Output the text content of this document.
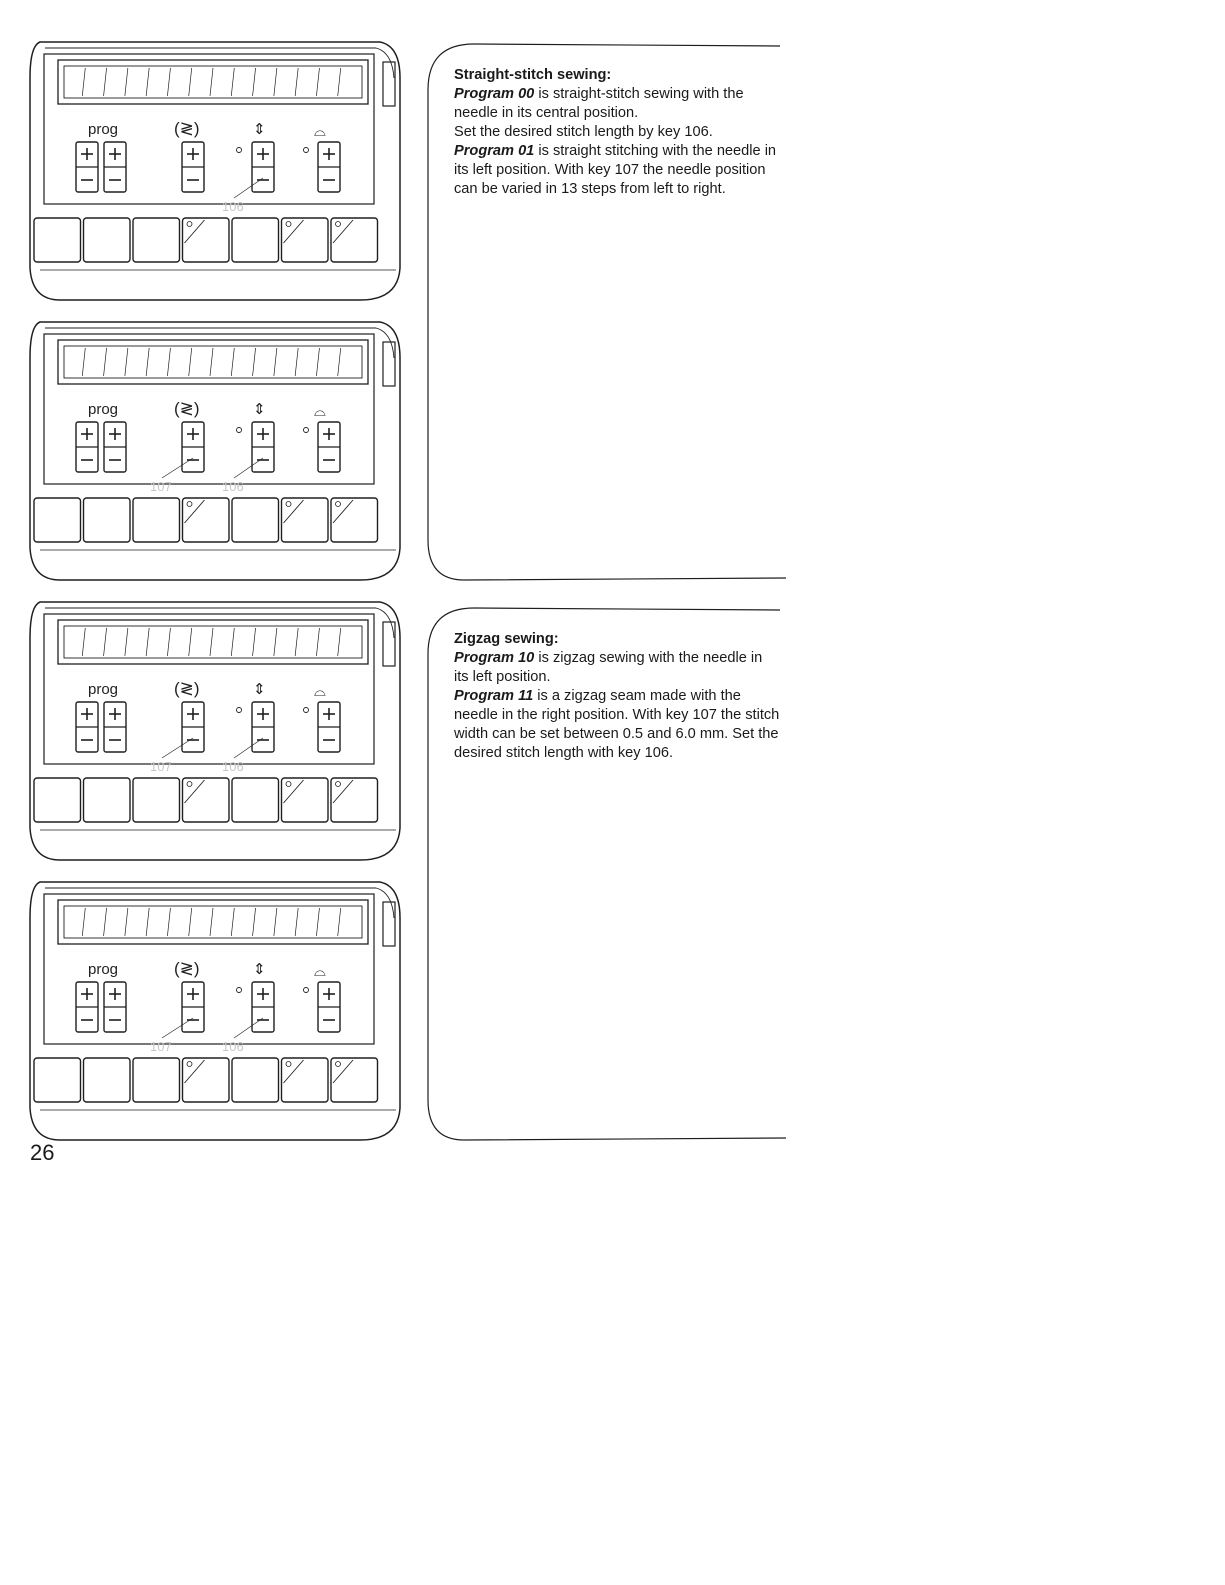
prog	(≷)	⇕	⌓
106
prog	(≷)	⇕	⌓
107	106
prog	(≷)	⇕	⌓
107	106
prog	(≷)	⇕	⌓
107	106

Straight-stitch sewing:

Program 00 is straight-stitch sewing with the needle in its central position.

Set the desired stitch length by key 106.

Program 01 is straight stitching with the needle in its left position. With key 107 the needle position can be varied in 13 steps from left to right.

Zigzag sewing:

Program 10 is zigzag sewing with the needle in its left position.

Program 11 is a zigzag seam made with the needle in the right position. With key 107 the stitch width can be set between 0.5 and 6.0 mm. Set the desired stitch length with key 106.

26
